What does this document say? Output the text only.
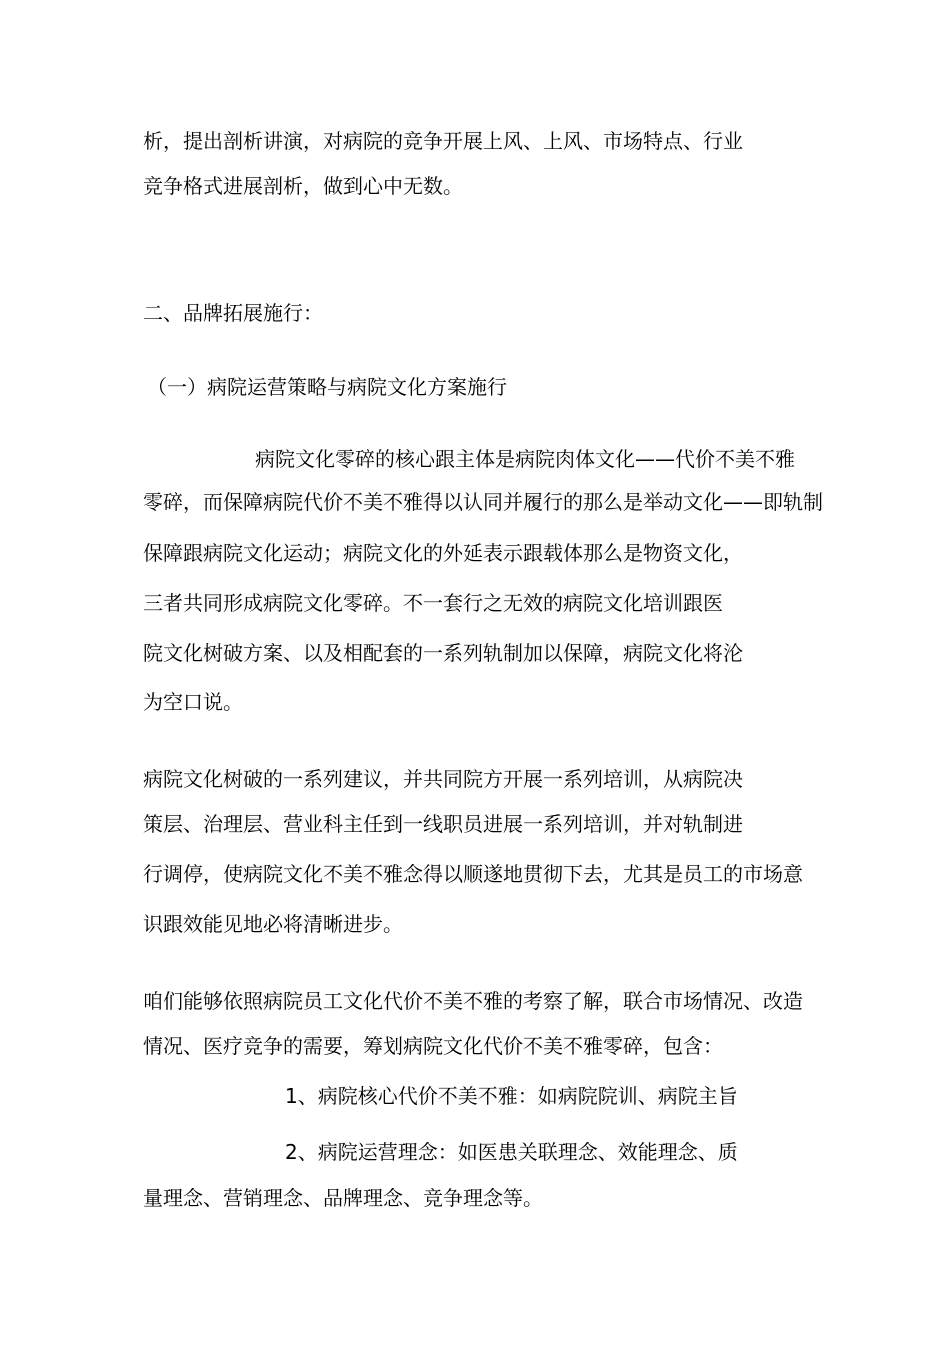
析，提出剖析讲演，对病院的竞争开展上风、上风、市场特点、行业
竞争格式进展剖析，做到心中无数。
二、品牌拓展施行：
（一）病院运营策略与病院文化方案施行
病院文化零碎的核心跟主体是病院肉体文化——代价不美不雅
零碎，而保障病院代价不美不雅得以认同并履行的那么是举动文化——即轨制
保障跟病院文化运动；病院文化的外延表示跟载体那么是物资文化，
三者共同形成病院文化零碎。不一套行之无效的病院文化培训跟医
院文化树破方案、以及相配套的一系列轨制加以保障，病院文化将沦
为空口说。
病院文化树破的一系列建议，并共同院方开展一系列培训，从病院决
策层、治理层、营业科主任到一线职员进展一系列培训，并对轨制进
行调停，使病院文化不美不雅念得以顺遂地贯彻下去，尤其是员工的市场意
识跟效能见地必将清晰进步。
咱们能够依照病院员工文化代价不美不雅的考察了解，联合市场情况、改造
情况、医疗竞争的需要，筹划病院文化代价不美不雅零碎，包含：
1、病院核心代价不美不雅：如病院院训、病院主旨
2、病院运营理念：如医患关联理念、效能理念、质
量理念、营销理念、品牌理念、竞争理念等。
